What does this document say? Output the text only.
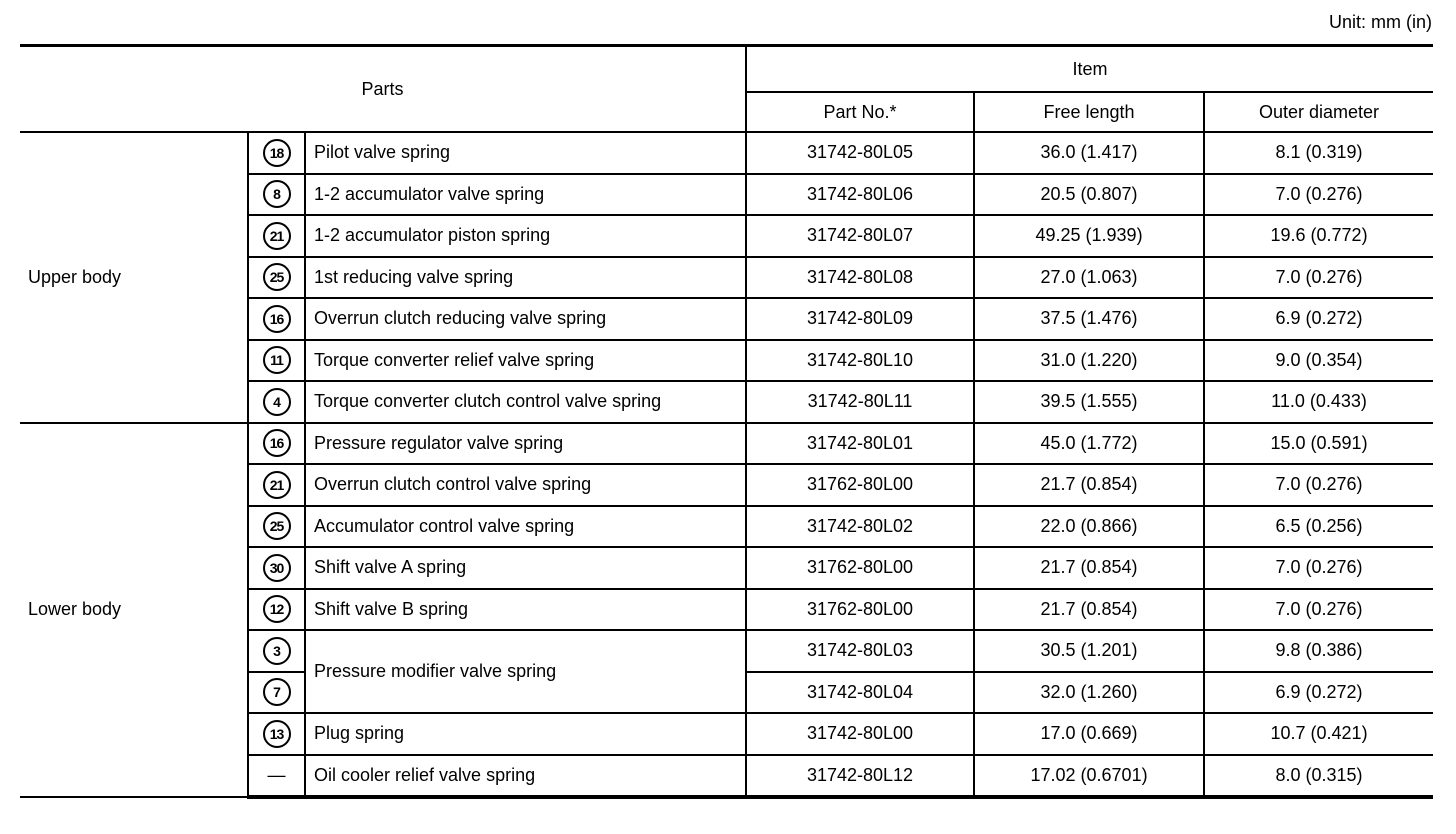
Unit: mm (in)
Parts			Item		
			Part No.*	Free length	Outer diameter
Upper body	18	Pilot valve spring	31742-80L05	36.0 (1.417)	8.1 (0.319)
	8	1-2 accumulator valve spring	31742-80L06	20.5 (0.807)	7.0 (0.276)
	21	1-2 accumulator piston spring	31742-80L07	49.25 (1.939)	19.6 (0.772)
	25	1st reducing valve spring	31742-80L08	27.0 (1.063)	7.0 (0.276)
	16	Overrun clutch reducing valve spring	31742-80L09	37.5 (1.476)	6.9 (0.272)
	11	Torque converter relief valve spring	31742-80L10	31.0 (1.220)	9.0 (0.354)
	4	Torque converter clutch control valve spring	31742-80L11	39.5 (1.555)	11.0 (0.433)
Lower body	16	Pressure regulator valve spring	31742-80L01	45.0 (1.772)	15.0 (0.591)
	21	Overrun clutch control valve spring	31762-80L00	21.7 (0.854)	7.0 (0.276)
	25	Accumulator control valve spring	31742-80L02	22.0 (0.866)	6.5 (0.256)
	30	Shift valve A spring	31762-80L00	21.7 (0.854)	7.0 (0.276)
	12	Shift valve B spring	31762-80L00	21.7 (0.854)	7.0 (0.276)
	3	Pressure modifier valve spring	31742-80L03	30.5 (1.201)	9.8 (0.386)
	7		31742-80L04	32.0 (1.260)	6.9 (0.272)
	13	Plug spring	31742-80L00	17.0 (0.669)	10.7 (0.421)
	—	Oil cooler relief valve spring	31742-80L12	17.02 (0.6701)	8.0 (0.315)
